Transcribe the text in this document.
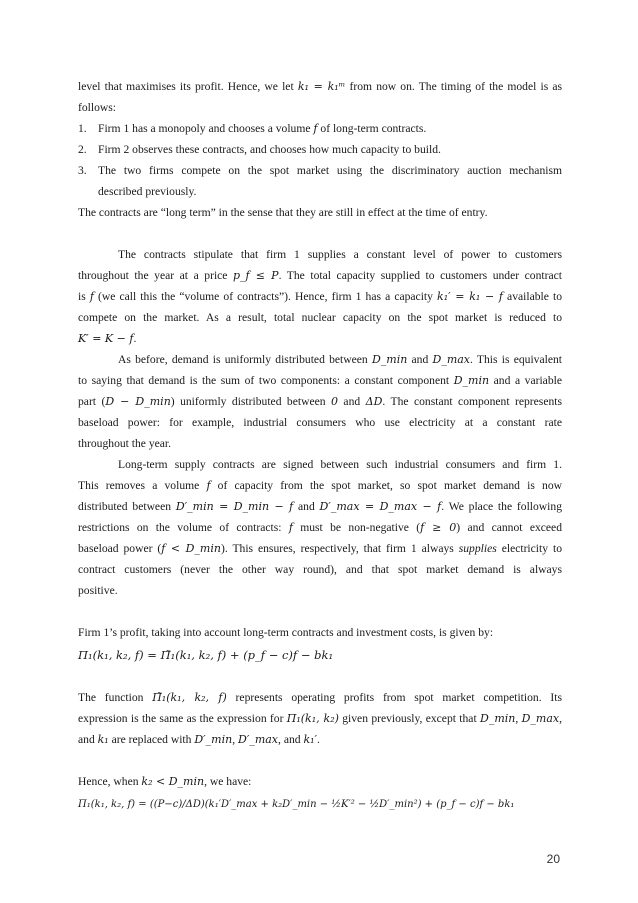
level that maximises its profit. Hence, we let k₁ = k₁ᵐ from now on. The timing of the model is as

follows:

1. Firm 1 has a monopoly and chooses a volume f of long-term contracts.
2. Firm 2 observes these contracts, and chooses how much capacity to build.
3. The two firms compete on the spot market using the discriminatory auction mechanism
described previously.

The contracts are “long term” in the sense that they are still in effect at the time of entry.

The contracts stipulate that firm 1 supplies a constant level of power to customers

throughout the year at a price p_f ≤ P. The total capacity supplied to customers under contract

is f (we call this the “volume of contracts”). Hence, firm 1 has a capacity k₁′ = k₁ − f available to

compete on the market. As a result, total nuclear capacity on the spot market is reduced to

K′ = K − f.

As before, demand is uniformly distributed between D_min and D_max. This is equivalent

to saying that demand is the sum of two components: a constant component D_min and a variable

part (D − D_min) uniformly distributed between 0 and ΔD. The constant component represents

baseload power: for example, industrial consumers who use electricity at a constant rate

throughout the year.

Long-term supply contracts are signed between such industrial consumers and firm 1.

This removes a volume f of capacity from the spot market, so spot market demand is now

distributed between D′_min = D_min − f and D′_max = D_max − f. We place the following

restrictions on the volume of contracts: f must be non-negative (f ≥ 0) and cannot exceed

baseload power (f < D_min). This ensures, respectively, that firm 1 always supplies electricity to

contract customers (never the other way round), and that spot market demand is always

positive.

Firm 1’s profit, taking into account long-term contracts and investment costs, is given by:

Π₁(k₁, k₂, f) = Π̃₁(k₁, k₂, f) + (p_f − c)f − bk₁

The function Π̃₁(k₁, k₂, f) represents operating profits from spot market competition. Its

expression is the same as the expression for Π₁(k₁, k₂) given previously, except that D_min, D_max,

and k₁ are replaced with D′_min, D′_max, and k₁′.

Hence, when k₂ < D_min, we have:

Π₁(k₁, k₂, f) = ((P−c)/ΔD)(k₁′D′_max + k₂D′_min − ½K′² − ½D′_min²) + (p_f − c)f − bk₁

20
